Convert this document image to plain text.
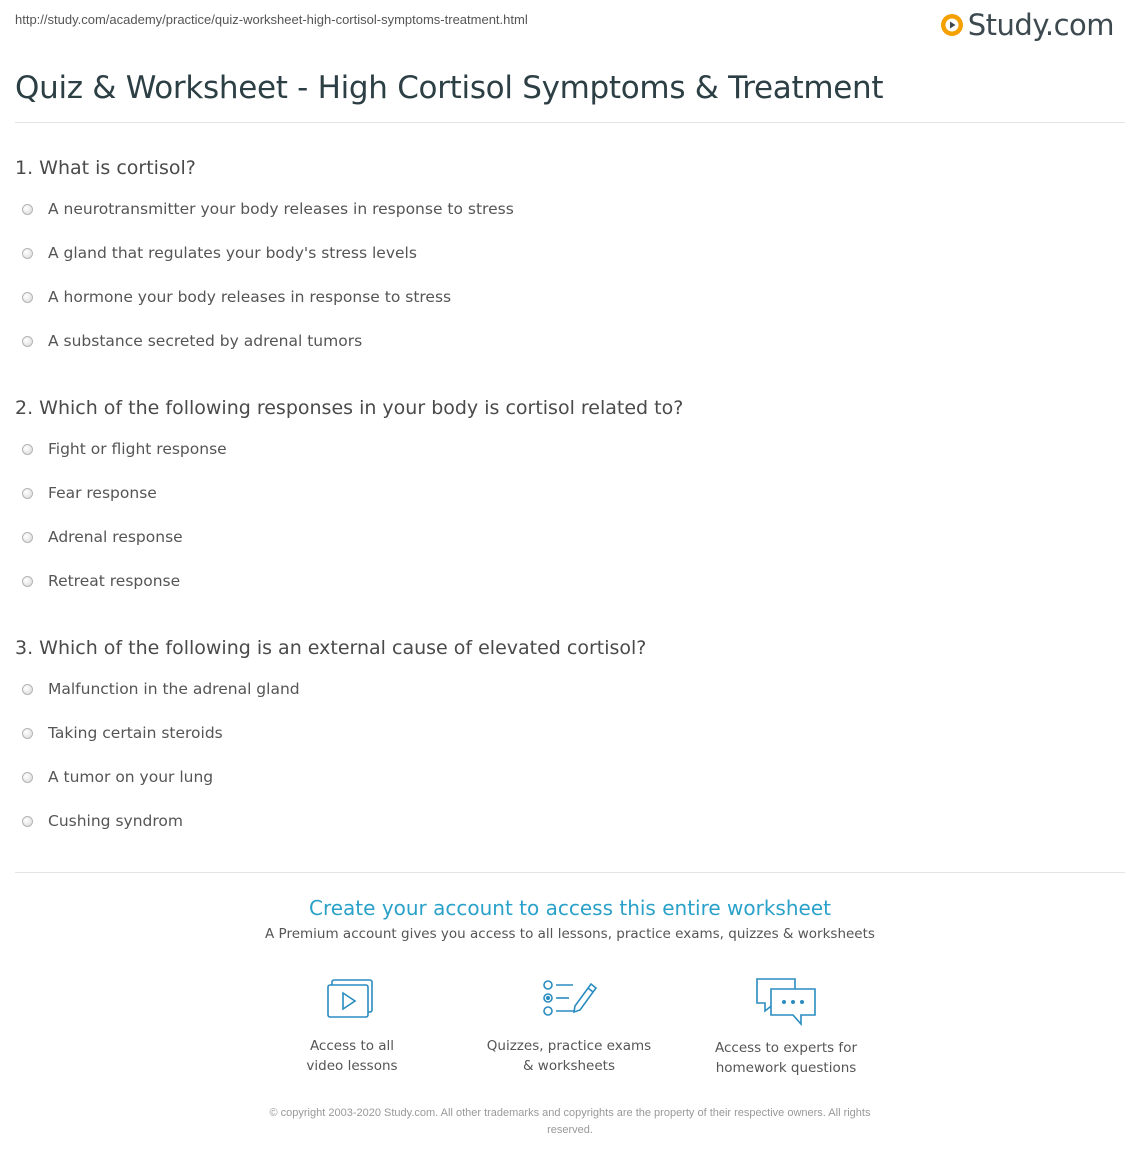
http://study.com/academy/practice/quiz-worksheet-high-cortisol-symptoms-treatment.html	Study.com
Quiz & Worksheet - High Cortisol Symptoms & Treatment
1. What is cortisol?
A neurotransmitter your body releases in response to stress
A gland that regulates your body's stress levels
A hormone your body releases in response to stress
A substance secreted by adrenal tumors
2. Which of the following responses in your body is cortisol related to?
Fight or flight response
Fear response
Adrenal response
Retreat response
3. Which of the following is an external cause of elevated cortisol?
Malfunction in the adrenal gland
Taking certain steroids
A tumor on your lung
Cushing syndrom
Create your account to access this entire worksheet
A Premium account gives you access to all lessons, practice exams, quizzes & worksheets
Access to all
video lessons
Quizzes, practice exams
& worksheets
Access to experts for
homework questions
© copyright 2003-2020 Study.com. All other trademarks and copyrights are the property of their respective owners. All rights
reserved.
